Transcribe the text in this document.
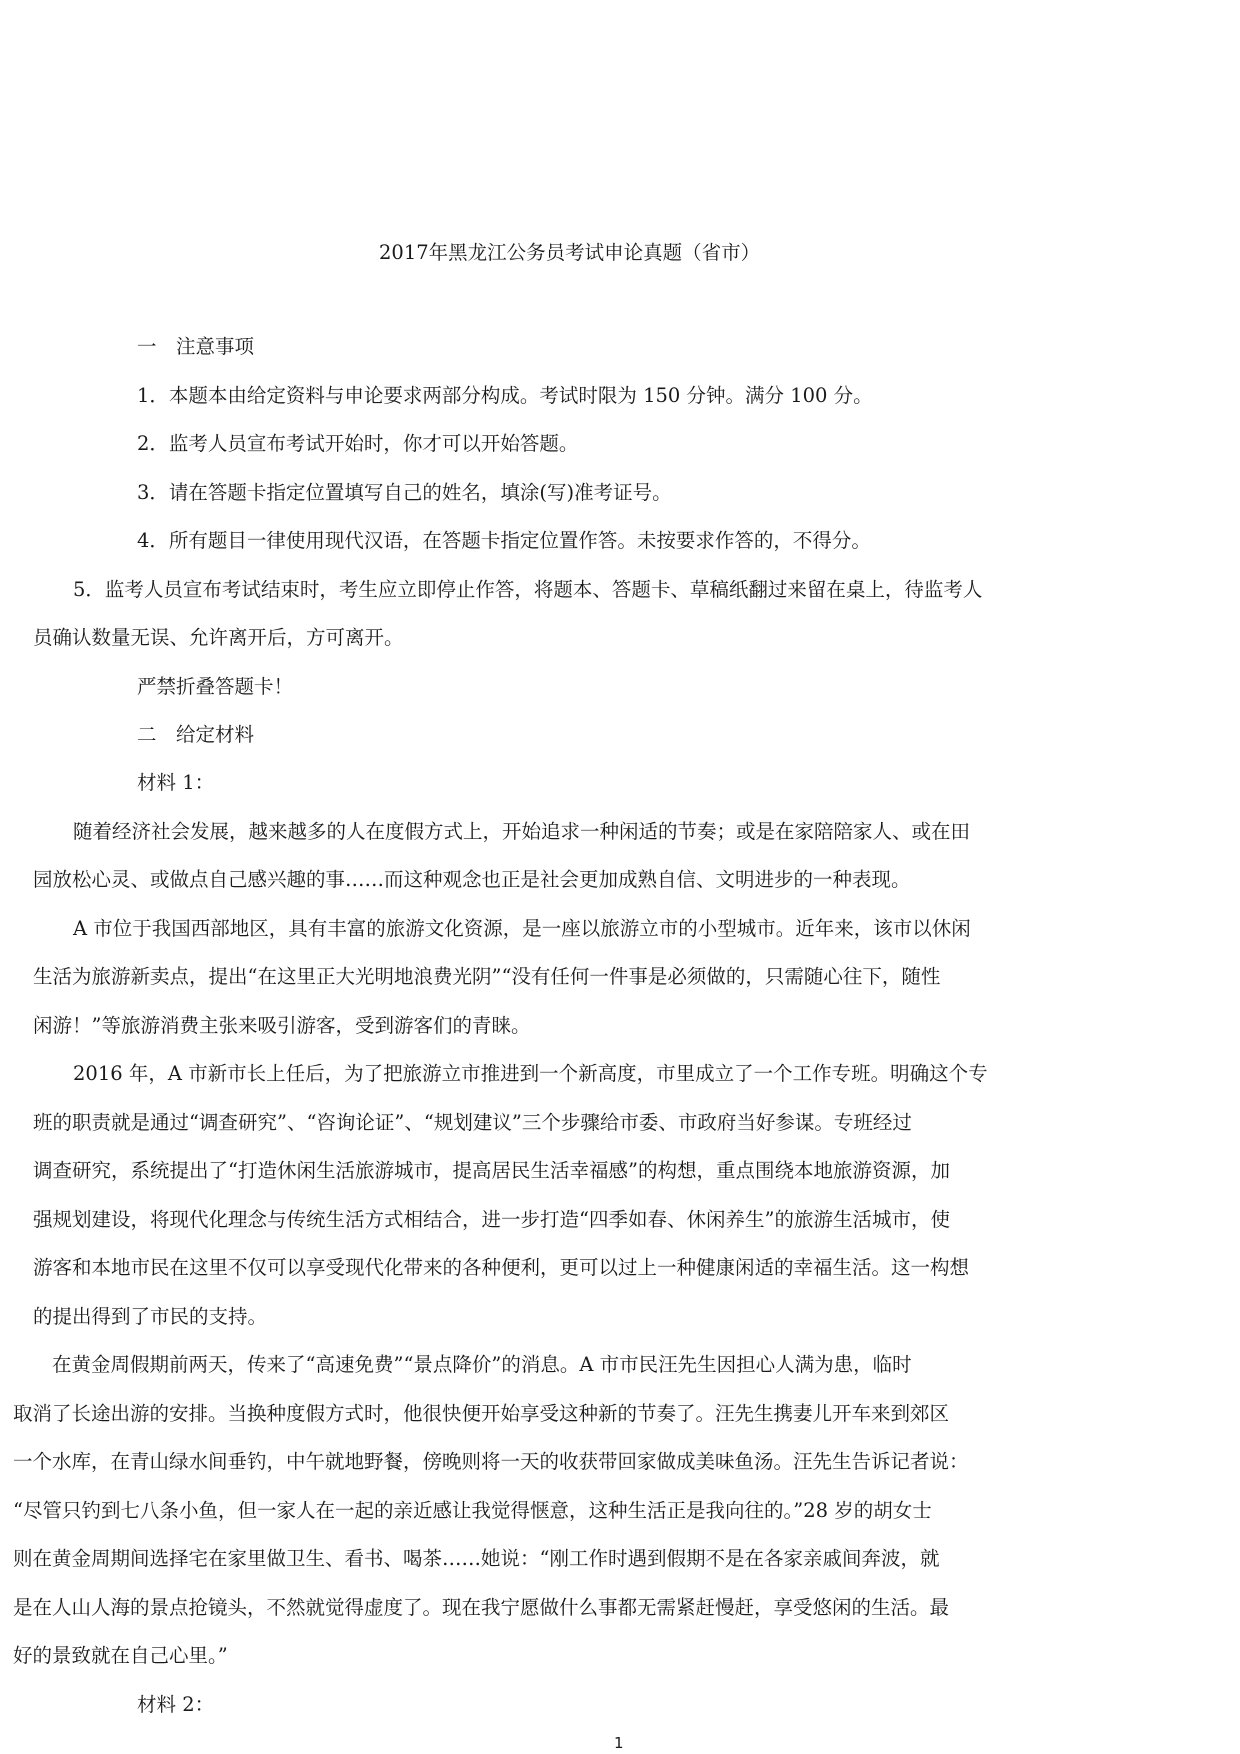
2017年黑龙江公务员考试申论真题（省市）
一　注意事项
1．本题本由给定资料与申论要求两部分构成。考试时限为 150 分钟。满分 100 分。
2．监考人员宣布考试开始时，你才可以开始答题。
3．请在答题卡指定位置填写自己的姓名，填涂(写)准考证号。
4．所有题目一律使用现代汉语，在答题卡指定位置作答。未按要求作答的，不得分。
5．监考人员宣布考试结束时，考生应立即停止作答，将题本、答题卡、草稿纸翻过来留在桌上，待监考人
员确认数量无误、允许离开后，方可离开。
严禁折叠答题卡！
二　给定材料
材料 1：
随着经济社会发展，越来越多的人在度假方式上，开始追求一种闲适的节奏；或是在家陪陪家人、或在田
园放松心灵、或做点自己感兴趣的事……而这种观念也正是社会更加成熟自信、文明进步的一种表现。
A 市位于我国西部地区，具有丰富的旅游文化资源，是一座以旅游立市的小型城市。近年来，该市以休闲
生活为旅游新卖点，提出“在这里正大光明地浪费光阴”“没有任何一件事是必须做的，只需随心往下，随性
闲游！”等旅游消费主张来吸引游客，受到游客们的青睐。
2016 年，A 市新市长上任后，为了把旅游立市推进到一个新高度，市里成立了一个工作专班。明确这个专
班的职责就是通过“调查研究”、“咨询论证”、“规划建议”三个步骤给市委、市政府当好参谋。专班经过
调查研究，系统提出了“打造休闲生活旅游城市，提高居民生活幸福感”的构想，重点围绕本地旅游资源，加
强规划建设，将现代化理念与传统生活方式相结合，进一步打造“四季如春、休闲养生”的旅游生活城市，使
游客和本地市民在这里不仅可以享受现代化带来的各种便利，更可以过上一种健康闲适的幸福生活。这一构想
的提出得到了市民的支持。
在黄金周假期前两天，传来了“高速免费”“景点降价”的消息。A 市市民汪先生因担心人满为患，临时
取消了长途出游的安排。当换种度假方式时，他很快便开始享受这种新的节奏了。汪先生携妻儿开车来到郊区
一个水库，在青山绿水间垂钓，中午就地野餐，傍晚则将一天的收获带回家做成美味鱼汤。汪先生告诉记者说：
“尽管只钓到七八条小鱼，但一家人在一起的亲近感让我觉得惬意，这种生活正是我向往的。”28 岁的胡女士
则在黄金周期间选择宅在家里做卫生、看书、喝茶……她说：“刚工作时遇到假期不是在各家亲戚间奔波，就
是在人山人海的景点抢镜头，不然就觉得虚度了。现在我宁愿做什么事都无需紧赶慢赶，享受悠闲的生活。最
好的景致就在自己心里。”
材料 2：
1
